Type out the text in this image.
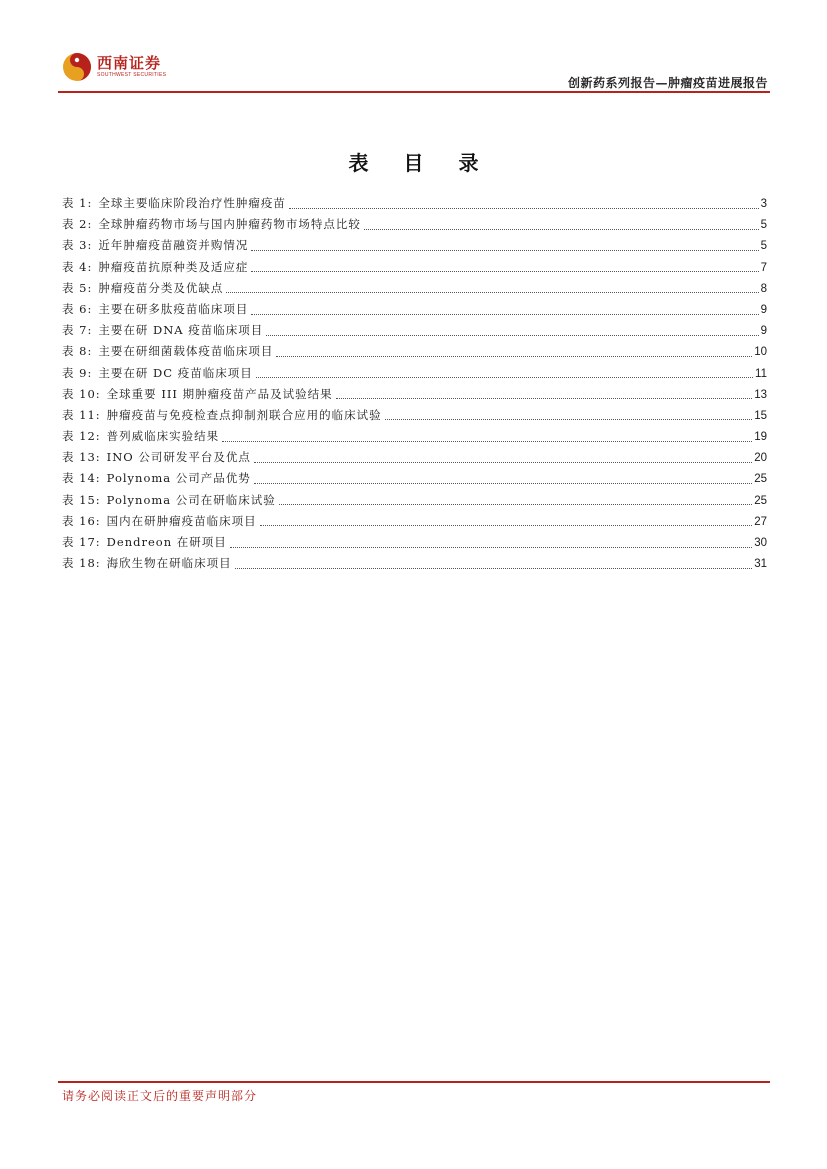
西南证券
SOUTHWEST SECURITIES
创新药系列报告—肿瘤疫苗进展报告
表 目 录
表 1: 全球主要临床阶段治疗性肿瘤疫苗	3
表 2: 全球肿瘤药物市场与国内肿瘤药物市场特点比较	5
表 3: 近年肿瘤疫苗融资并购情况	5
表 4: 肿瘤疫苗抗原种类及适应症	7
表 5: 肿瘤疫苗分类及优缺点	8
表 6: 主要在研多肽疫苗临床项目	9
表 7: 主要在研 DNA 疫苗临床项目	9
表 8: 主要在研细菌载体疫苗临床项目	10
表 9: 主要在研 DC 疫苗临床项目	11
表 10: 全球重要 III 期肿瘤疫苗产品及试验结果	13
表 11: 肿瘤疫苗与免疫检查点抑制剂联合应用的临床试验	15
表 12: 普列威临床实验结果	19
表 13: INO 公司研发平台及优点	20
表 14: Polynoma 公司产品优势	25
表 15: Polynoma 公司在研临床试验	25
表 16: 国内在研肿瘤疫苗临床项目	27
表 17: Dendreon 在研项目	30
表 18: 海欣生物在研临床项目	31
请务必阅读正文后的重要声明部分
